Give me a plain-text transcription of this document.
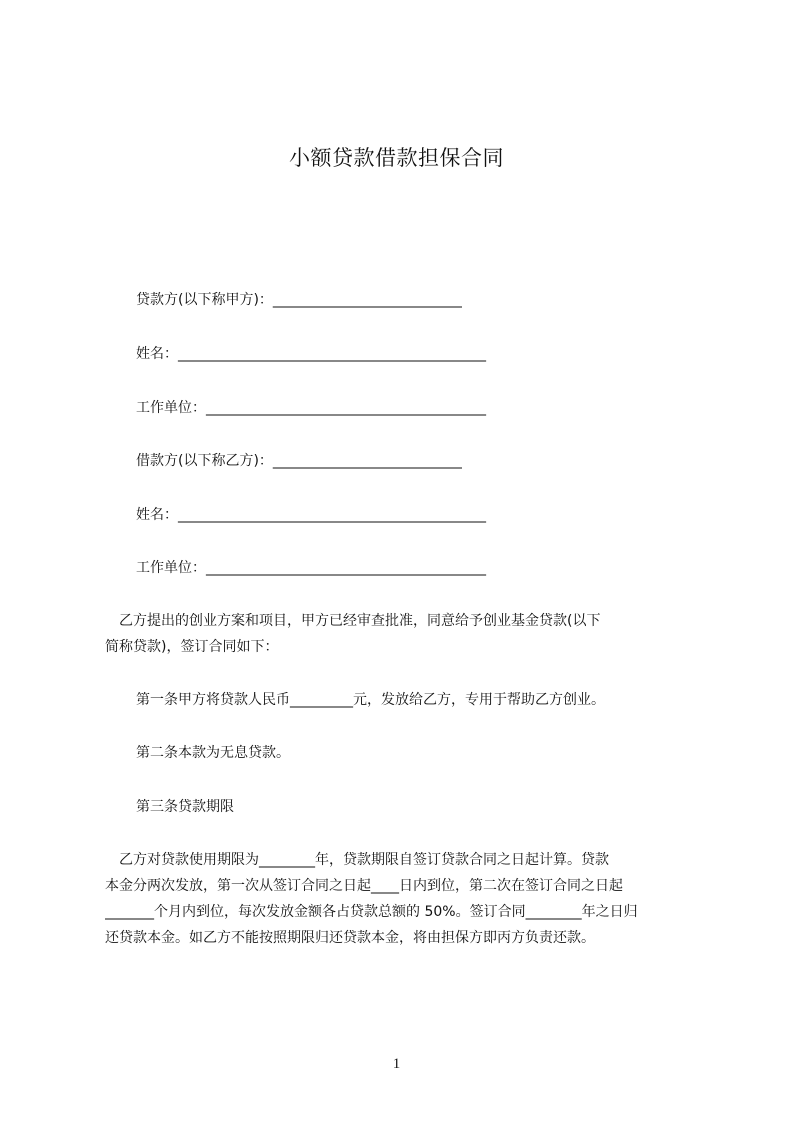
小额贷款借款担保合同
贷款方(以下称甲方)：___________________________
姓名：____________________________________________
工作单位：________________________________________
借款方(以下称乙方)：___________________________
姓名：____________________________________________
工作单位：________________________________________
　乙方提出的创业方案和项目，甲方已经审查批准，同意给予创业基金贷款(以下
简称贷款)，签订合同如下：
第一条甲方将贷款人民币_________元，发放给乙方，专用于帮助乙方创业。
第二条本款为无息贷款。
第三条贷款期限
　乙方对贷款使用期限为________年，贷款期限自签订贷款合同之日起计算。贷款
本金分两次发放，第一次从签订合同之日起____日内到位，第二次在签订合同之日起
_______个月内到位，每次发放金额各占贷款总额的 50%。签订合同________年之日归
还贷款本金。如乙方不能按照期限归还贷款本金，将由担保方即丙方负责还款。
1
